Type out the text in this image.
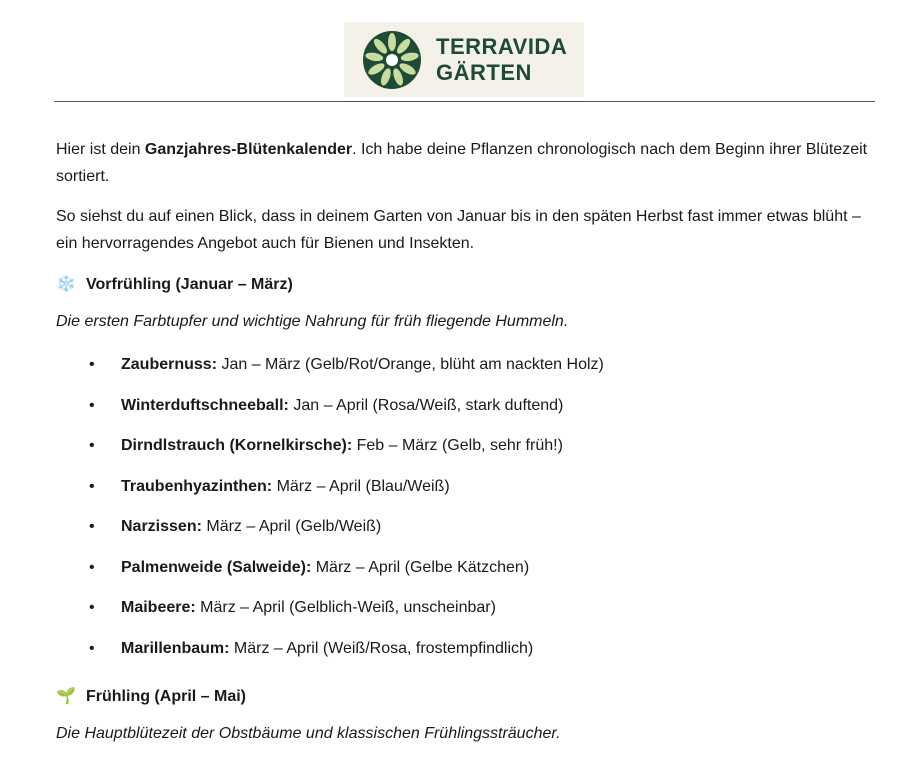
TERRAVIDA
GÄRTEN

Hier ist dein Ganzjahres-Blütenkalender. Ich habe deine Pflanzen chronologisch nach dem Beginn ihrer Blütezeit sortiert.

So siehst du auf einen Blick, dass in deinem Garten von Januar bis in den späten Herbst fast immer etwas blüht – ein hervorragendes Angebot auch für Bienen und Insekten.

❄️ Vorfrühling (Januar – März)
Die ersten Farbtupfer und wichtige Nahrung für früh fliegende Hummeln.
• Zaubernuss: Jan – März (Gelb/Rot/Orange, blüht am nackten Holz)
• Winterduftschneeball: Jan – April (Rosa/Weiß, stark duftend)
• Dirndlstrauch (Kornelkirsche): Feb – März (Gelb, sehr früh!)
• Traubenhyazinthen: März – April (Blau/Weiß)
• Narzissen: März – April (Gelb/Weiß)
• Palmenweide (Salweide): März – April (Gelbe Kätzchen)
• Maibeere: März – April (Gelblich-Weiß, unscheinbar)
• Marillenbaum: März – April (Weiß/Rosa, frostempfindlich)
🌱 Frühling (April – Mai)
Die Hauptblütezeit der Obstbäume und klassischen Frühlingssträucher.
